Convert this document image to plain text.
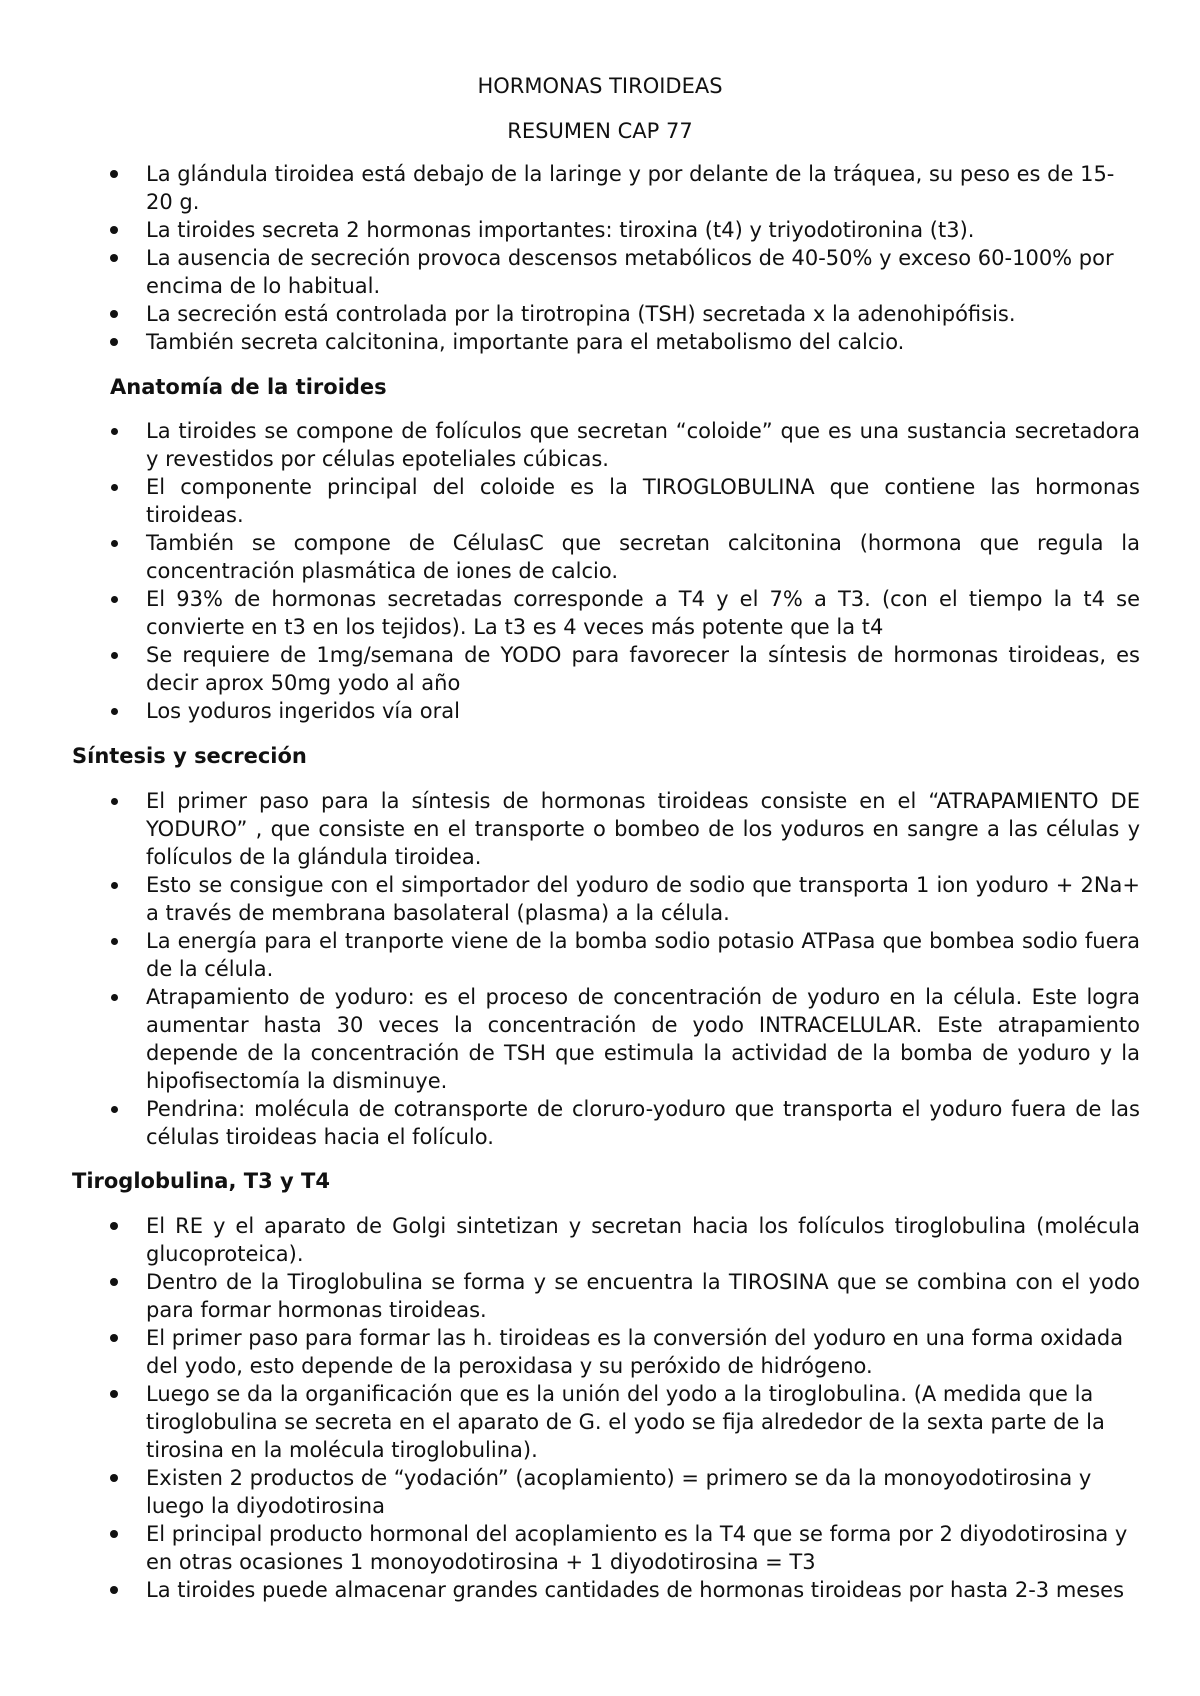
HORMONAS TIROIDEAS
RESUMEN CAP 77
La glándula tiroidea está debajo de la laringe y por delante de la tráquea, su peso es de 15-20 g.
La tiroides secreta 2 hormonas importantes: tiroxina (t4) y triyodotironina (t3).
La ausencia de secreción provoca descensos metabólicos de 40-50% y exceso 60-100% por encima de lo habitual.
La secreción está controlada por la tirotropina (TSH) secretada x la adenohipófisis.
También secreta calcitonina, importante para el metabolismo del calcio.
Anatomía de la tiroides
La tiroides se compone de folículos que secretan “coloide” que es una sustancia secretadora y revestidos por células epoteliales cúbicas.
El componente principal del coloide es la TIROGLOBULINA que contiene las hormonas tiroideas.
También se compone de CélulasC que secretan calcitonina (hormona que regula la concentración plasmática de iones de calcio.
El 93% de hormonas secretadas corresponde a T4 y el 7% a T3. (con el tiempo la t4 se convierte en t3 en los tejidos). La t3 es 4 veces más potente que la t4
Se requiere de 1mg/semana de YODO para favorecer la síntesis de hormonas tiroideas, es decir aprox 50mg yodo al año
Los yoduros ingeridos vía oral
Síntesis y secreción
El primer paso para la síntesis de hormonas tiroideas consiste en el “ATRAPAMIENTO DE YODURO” , que consiste en el transporte o bombeo de los yoduros en sangre a las células y folículos de la glándula tiroidea.
Esto se consigue con el simportador del yoduro de sodio que transporta 1 ion yoduro + 2Na+ a través de membrana basolateral (plasma) a la célula.
La energía para el tranporte viene de la bomba sodio potasio ATPasa que bombea sodio fuera de la célula.
Atrapamiento de yoduro: es el proceso de concentración de yoduro en la célula. Este logra aumentar hasta 30 veces la concentración de yodo INTRACELULAR. Este atrapamiento depende de la concentración de TSH que estimula la actividad de la bomba de yoduro y la hipofisectomía la disminuye.
Pendrina: molécula de cotransporte de cloruro-yoduro que transporta el yoduro fuera de las células tiroideas hacia el folículo.
Tiroglobulina, T3 y T4
El RE y el aparato de Golgi sintetizan y secretan hacia los folículos tiroglobulina (molécula glucoproteica).
Dentro de la Tiroglobulina se forma y se encuentra la TIROSINA que se combina con el yodo para formar hormonas tiroideas.
El primer paso para formar las h. tiroideas es la conversión del yoduro en una forma oxidada del yodo, esto depende de la peroxidasa y su peróxido de hidrógeno.
Luego se da la organificación que es la unión del yodo a la tiroglobulina. (A medida que la tiroglobulina se secreta en el aparato de G. el yodo se fija alrededor de la sexta parte de la tirosina en la molécula tiroglobulina).
Existen 2 productos de “yodación” (acoplamiento) = primero se da la monoyodotirosina y luego la diyodotirosina
El principal producto hormonal del acoplamiento es la T4 que se forma por 2 diyodotirosina y en otras ocasiones 1 monoyodotirosina + 1 diyodotirosina = T3
La tiroides puede almacenar grandes cantidades de hormonas tiroideas por hasta 2-3 meses
